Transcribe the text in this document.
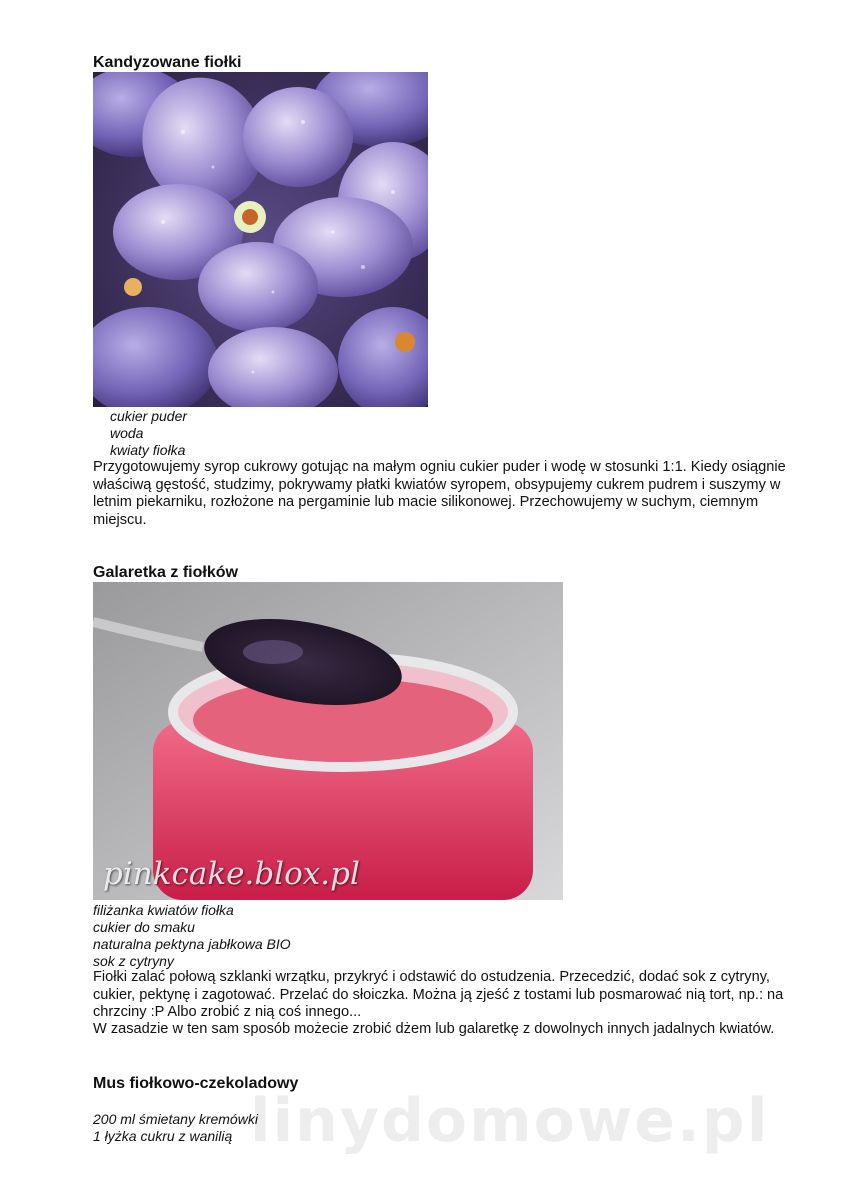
Kandyzowane fiołki
cukier puder
woda
kwiaty fiołka

Przygotowujemy syrop cukrowy gotując na małym ogniu cukier puder i wodę w stosunki 1:1. Kiedy osiągnie właściwą gęstość, studzimy, pokrywamy płatki kwiatów syropem, obsypujemy cukrem pudrem i suszymy w letnim piekarniku, rozłożone na pergaminie lub macie silikonowej. Przechowujemy w suchym, ciemnym miejscu.

Galaretka z fiołków
pinkcake.blox.pl
filiżanka kwiatów fiołka
cukier do smaku
naturalna pektyna jabłkowa BIO
sok z cytryny

Fiołki zalać połową szklanki wrzątku, przykryć i odstawić do ostudzenia. Przecedzić, dodać sok z cytryny, cukier, pektynę i zagotować. Przelać do słoiczka. Można ją zjeść z tostami lub posmarować nią tort, np.: na chrzciny :P Albo zrobić z nią coś innego...

W zasadzie w ten sam sposób możecie zrobić dżem lub galaretkę z dowolnych innych jadalnych kwiatów.

Mus fiołkowo-czekoladowy
200 ml śmietany kremówki
1 łyżka cukru z wanilią linydomowe.pl
